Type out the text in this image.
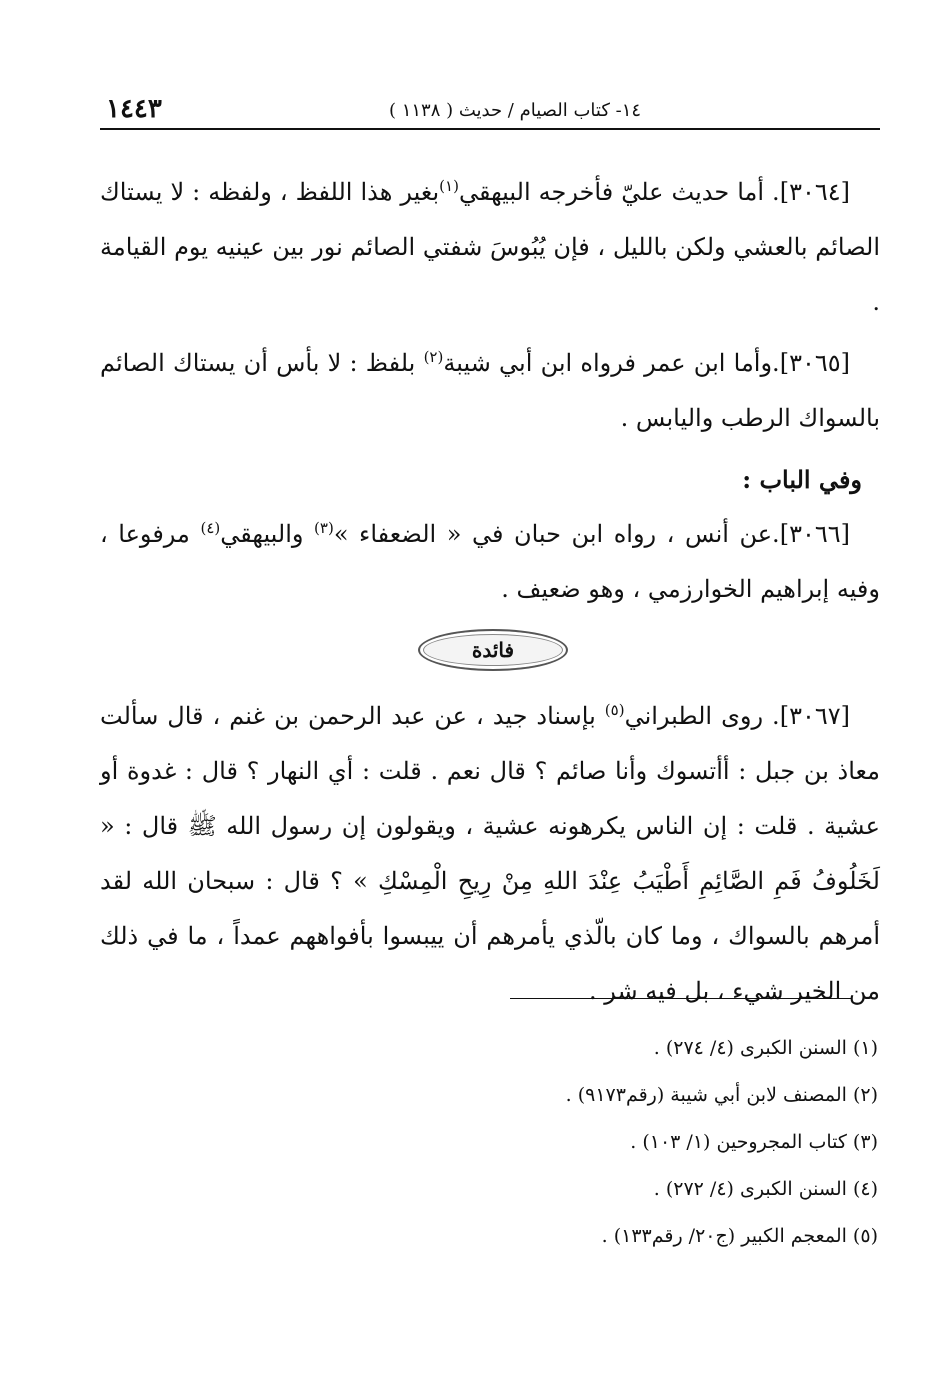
١٤٤٣	١٤- كتاب الصيام / حديث ( ١١٣٨ )

[٣٠٦٤]. أما حديث عليّ فأخرجه البيهقي$^{(١)}$بغير هذا اللفظ ، ولفظه : لا يستاك الصائم بالعشي ولكن بالليل ، فإن يُبُوسَ شفتي الصائم نور بين عينيه يوم القيامة .

[٣٠٦٥].وأما ابن عمر فرواه ابن أبي شيبة$^{(٢)}$ بلفظ : لا بأس أن يستاك الصائم بالسواك الرطب واليابس .

وفي الباب :

[٣٠٦٦].عن أنس ، رواه ابن حبان في « الضعفاء »$^{(٣)}$ والبيهقي$^{(٤)}$ مرفوعا ، وفيه إبراهيم الخوارزمي ، وهو ضعيف .

فائدة

[٣٠٦٧]. روى الطبراني$^{(٥)}$ بإسناد جيد ، عن عبد الرحمن بن غنم ، قال سألت معاذ بن جبل : أأتسوك وأنا صائم ؟ قال نعم . قلت : أي النهار ؟ قال : غدوة أو عشية . قلت : إن الناس يكرهونه عشية ، ويقولون إن رسول الله ﷺ قال : « لَخَلُوفُ فَمِ الصَّائِمِ أَطْيَبُ عِنْدَ اللهِ مِنْ رِيحِ الْمِسْكِ » ؟ قال : سبحان الله لقد أمرهم بالسواك ، وما كان بالّذي يأمرهم أن ييبسوا بأفواههم عمداً ، ما في ذلك من الخير شيء ، بل فيه شر .

(١) السنن الكبرى (٤/ ٢٧٤) .

(٢) المصنف لابن أبي شيبة (رقم٩١٧٣) .

(٣) كتاب المجروحين (١/ ١٠٣) .

(٤) السنن الكبرى (٤/ ٢٧٢) .

(٥) المعجم الكبير (ج٢٠/ رقم١٣٣) .
